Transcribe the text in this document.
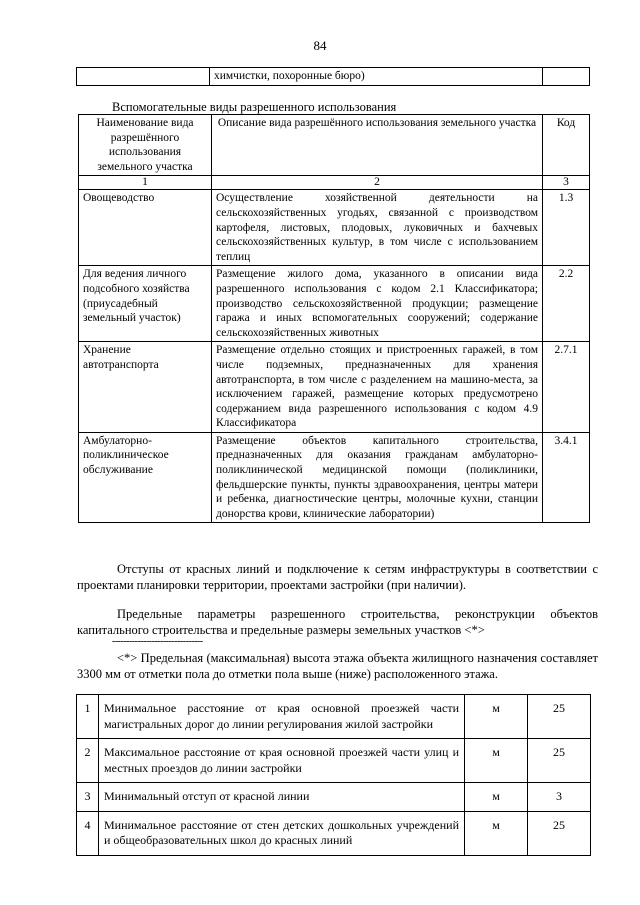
84
	химчистки, похоронные бюро)	
Вспомогательные виды разрешенного использования
Наименование вида разрешённого использования земельного участка	Описание вида разрешённого использования земельного участка	Код
1	2	3
Овощеводство	Осуществление хозяйственной деятельности на сельскохозяйственных угодьях, связанной с производством картофеля, листовых, плодовых, луковичных и бахчевых сельскохозяйственных культур, в том числе с использованием теплиц	1.3
Для ведения личного подсобного хозяйства (приусадебный земельный участок)	Размещение жилого дома, указанного в описании вида разрешенного использования с кодом 2.1 Классификатора; производство сельскохозяйственной продукции; размещение гаража и иных вспомогательных сооружений; содержание сельскохозяйственных животных	2.2
Хранение автотранспорта	Размещение отдельно стоящих и пристроенных гаражей, в том числе подземных, предназначенных для хранения автотранспорта, в том числе с разделением на машино-места, за исключением гаражей, размещение которых предусмотрено содержанием вида разрешенного использования с кодом 4.9 Классификатора	2.7.1
Амбулаторно-поликлиническое обслуживание	Размещение объектов капитального строительства, предназначенных для оказания гражданам амбулаторно-поликлинической медицинской помощи (поликлиники, фельдшерские пункты, пункты здравоохранения, центры матери и ребенка, диагностические центры, молочные кухни, станции донорства крови, клинические лаборатории)	3.4.1

Отступы от красных линий и подключение к сетям инфраструктуры в соответствии с проектами планировки территории, проектами застройки (при наличии).

Предельные параметры разрешенного строительства, реконструкции объектов капитального строительства и предельные размеры земельных участков <*>

--------------------------------

<*> Предельная (максимальная) высота этажа объекта жилищного назначения составляет 3300 мм от отметки пола до отметки пола выше (ниже) расположенного этажа.

1	Минимальное расстояние от края основной проезжей части магистральных дорог до линии регулирования жилой застройки	м	25
2	Максимальное расстояние от края основной проезжей части улиц и местных проездов до линии застройки	м	25
3	Минимальный отступ от красной линии	м	3
4	Минимальное расстояние от стен детских дошкольных учреждений и общеобразовательных школ до красных линий	м	25
